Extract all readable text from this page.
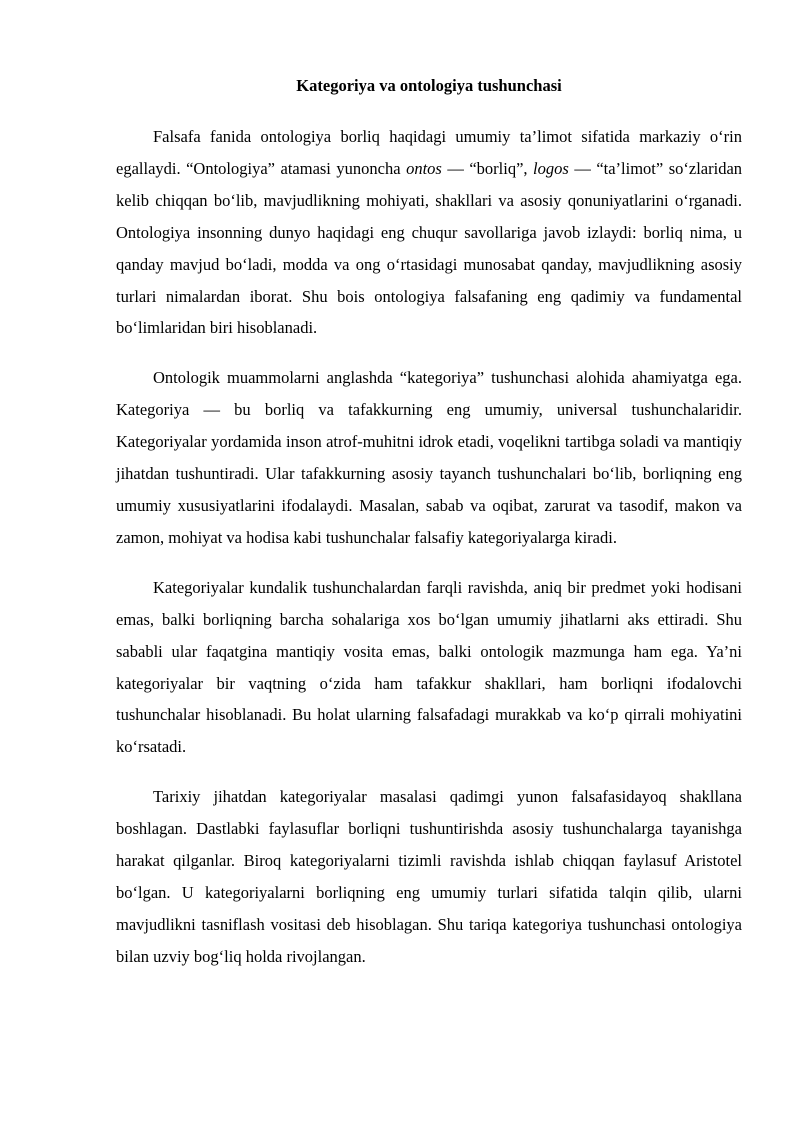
Kategoriya va ontologiya tushunchasi

Falsafa fanida ontologiya borliq haqidagi umumiy ta’limot sifatida markaziy o‘rin egallaydi. “Ontologiya” atamasi yunoncha ontos — “borliq”, logos — “ta’limot” so‘zlaridan kelib chiqqan bo‘lib, mavjudlikning mohiyati, shakllari va asosiy qonuniyatlarini o‘rganadi. Ontologiya insonning dunyo haqidagi eng chuqur savollariga javob izlaydi: borliq nima, u qanday mavjud bo‘ladi, modda va ong o‘rtasidagi munosabat qanday, mavjudlikning asosiy turlari nimalardan iborat. Shu bois ontologiya falsafaning eng qadimiy va fundamental bo‘limlaridan biri hisoblanadi.

Ontologik muammolarni anglashda “kategoriya” tushunchasi alohida ahamiyatga ega. Kategoriya — bu borliq va tafakkurning eng umumiy, universal tushunchalaridir. Kategoriyalar yordamida inson atrof-muhitni idrok etadi, voqelikni tartibga soladi va mantiqiy jihatdan tushuntiradi. Ular tafakkurning asosiy tayanch tushunchalari bo‘lib, borliqning eng umumiy xususiyatlarini ifodalaydi. Masalan, sabab va oqibat, zarurat va tasodif, makon va zamon, mohiyat va hodisa kabi tushunchalar falsafiy kategoriyalarga kiradi.

Kategoriyalar kundalik tushunchalardan farqli ravishda, aniq bir predmet yoki hodisani emas, balki borliqning barcha sohalariga xos bo‘lgan umumiy jihatlarni aks ettiradi. Shu sababli ular faqatgina mantiqiy vosita emas, balki ontologik mazmunga ham ega. Ya’ni kategoriyalar bir vaqtning o‘zida ham tafakkur shakllari, ham borliqni ifodalovchi tushunchalar hisoblanadi. Bu holat ularning falsafadagi murakkab va ko‘p qirrali mohiyatini ko‘rsatadi.

Tarixiy jihatdan kategoriyalar masalasi qadimgi yunon falsafasidayoq shakllana boshlagan. Dastlabki faylasuflar borliqni tushuntirishda asosiy tushunchalarga tayanishga harakat qilganlar. Biroq kategoriyalarni tizimli ravishda ishlab chiqqan faylasuf Aristotel bo‘lgan. U kategoriyalarni borliqning eng umumiy turlari sifatida talqin qilib, ularni mavjudlikni tasniflash vositasi deb hisoblagan. Shu tariqa kategoriya tushunchasi ontologiya bilan uzviy bog‘liq holda rivojlangan.
